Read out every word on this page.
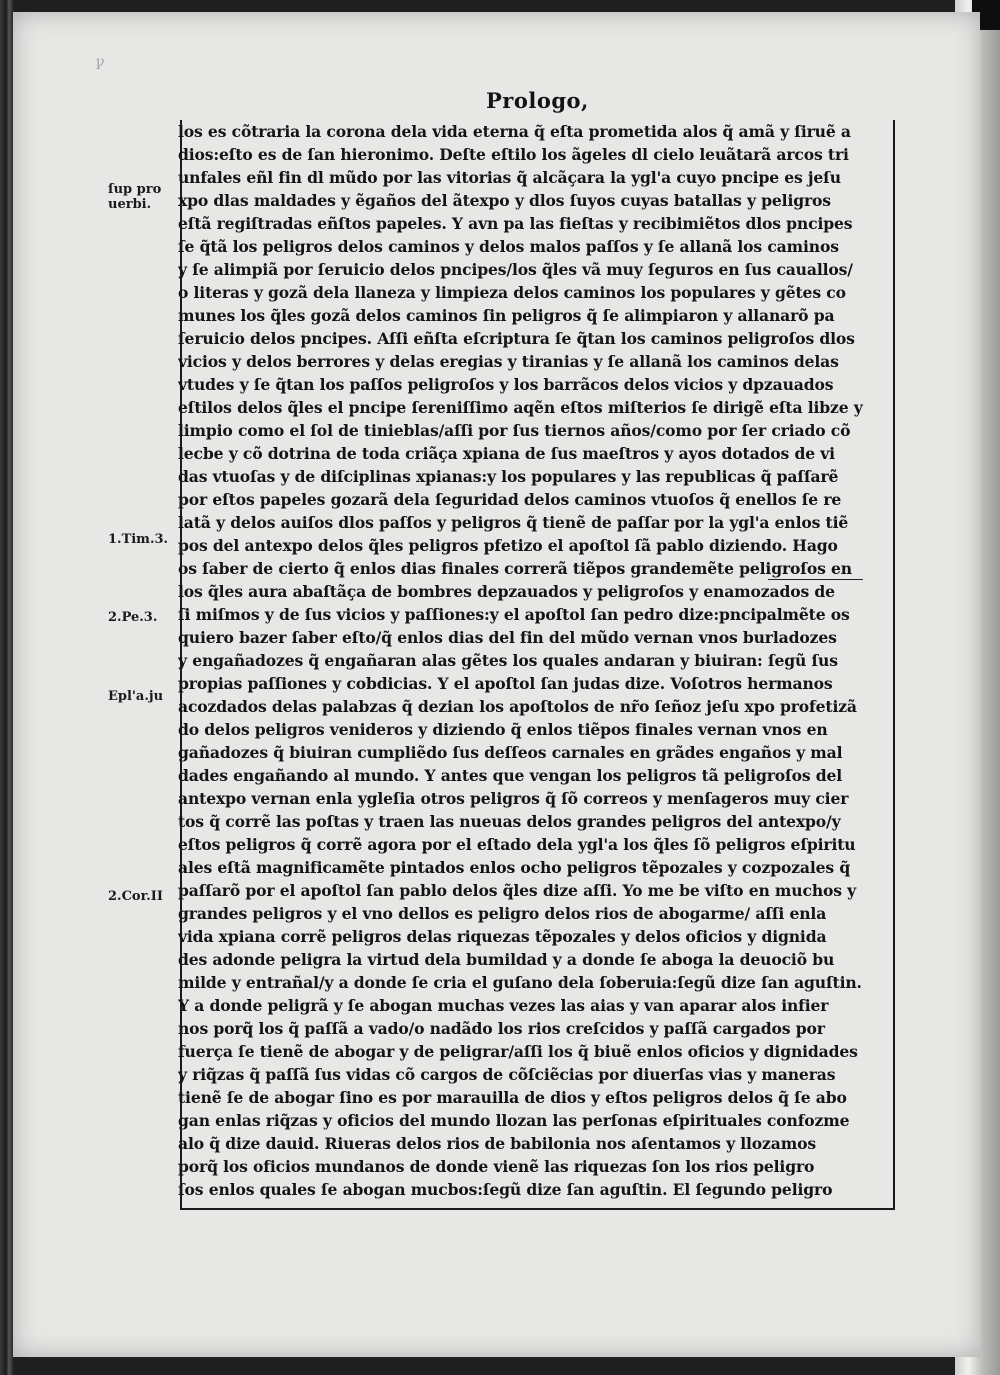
ꝩ
Prologo,
ſup pro
uerbi.
1.Tim.3.
2.Pe.3.
Epl'a.ju
2.Cor.II
los es cõtraria la corona dela vida eterna q̃ eſta prometida alos q̃ amã y ſiruẽ a
dios:eſto es de ſan hieronimo. Deſte eſtilo los ãgeles dl cielo leuãtarã arcos tri
unfales eñl fin dl mũdo por las vitorias q̃ alcãçara la ygl'a cuyo pncipe es jeſu
xpo dlas maldades y ẽgaños del ãtexpo y dlos ſuyos cuyas batallas y peligros
eſtã regiſtradas eñſtos papeles. Y avn pa las fieſtas y recibimiẽtos dlos pncipes
ſe q̃tã los peligros delos caminos y delos malos paſſos y ſe allanã los caminos
y ſe alimpiã por ſeruicio delos pncipes/los q̃les vã muy ſeguros en ſus cauallos/
o literas y gozã dela llaneza y limpieza delos caminos los populares y gẽtes co
munes los q̃les gozã delos caminos ſin peligros q̃ ſe alimpiaron y allanarõ pa
ſeruicio delos pncipes. Aſſi eñſta eſcriptura ſe q̃tan los caminos peligroſos dlos
vicios y delos berrores y delas eregias y tiranias y ſe allanã los caminos delas
vtudes y ſe q̃tan los paſſos peligroſos y los barrãcos delos vicios y dpzauados
eſtilos delos q̃les el pncipe ſereniſſimo aqẽn eſtos miſterios ſe dirigẽ eſta libze y
limpio como el ſol de tinieblas/aſſi por ſus tiernos años/como por ſer criado cõ
lecbe y cõ dotrina de toda criãça xpiana de ſus maeſtros y ayos dotados de vi
das vtuoſas y de diſciplinas xpianas:y los populares y las republicas q̃ paſſarẽ
por eſtos papeles gozarã dela ſeguridad delos caminos vtuoſos q̃ enellos ſe re
latã y delos auiſos dlos paſſos y peligros q̃ tienẽ de paſſar por la ygl'a enlos tiẽ
pos del antexpo delos q̃les peligros pfetizo el apoſtol ſã pablo diziendo. Hago
os ſaber de cierto q̃ enlos dias finales correrã tiẽpos grandemẽte peligroſos en
los q̃les aura abaſtãça de bombres depzauados y peligroſos y enamozados de
ſi miſmos y de ſus vicios y paſſiones:y el apoſtol ſan pedro dize:pncipalmẽte os
quiero bazer ſaber eſto/q̃ enlos dias del fin del mũdo vernan vnos burladozes
y engañadozes q̃ engañaran alas gẽtes los quales andaran y biuiran: ſegũ ſus
propias paſſiones y cobdicias. Y el apoſtol ſan judas dize. Voſotros hermanos
acozdados delas palabzas q̃ dezian los apoſtolos de nr̃o ſeñoz jeſu xpo profetizã
do delos peligros venideros y diziendo q̃ enlos tiẽpos finales vernan vnos en
gañadozes q̃ biuiran cumpliẽdo ſus deſſeos carnales en grãdes engaños y mal
dades engañando al mundo. Y antes que vengan los peligros tã peligroſos del
antexpo vernan enla ygleſia otros peligros q̃ ſõ correos y menſageros muy cier
tos q̃ corrẽ las poſtas y traen las nueuas delos grandes peligros del antexpo/y
eſtos peligros q̃ corrẽ agora por el eſtado dela ygl'a los q̃les ſõ peligros eſpiritu
ales eſtã magnificamẽte pintados enlos ocho peligros tẽpozales y cozpozales q̃
paſſarõ por el apoſtol ſan pablo delos q̃les dize aſſi. Yo me be viſto en muchos y
grandes peligros y el vno dellos es peligro delos rios de abogarme/ aſſi enla
vida xpiana corrẽ peligros delas riquezas tẽpozales y delos oficios y dignida
des adonde peligra la virtud dela bumildad y a donde ſe aboga la deuociõ bu
milde y entrañal/y a donde ſe cria el guſano dela ſoberuia:ſegũ dize ſan aguſtin.
Y a donde peligrã y ſe abogan muchas vezes las aias y van aparar alos infier
nos porq̃ los q̃ paſſã a vado/o nadãdo los rios creſcidos y paſſã cargados por
fuerça ſe tienẽ de abogar y de peligrar/aſſi los q̃ biuẽ enlos oficios y dignidades
y riq̃zas q̃ paſſã ſus vidas cõ cargos de cõſciẽcias por diuerſas vias y maneras
tienẽ ſe de abogar ſino es por marauilla de dios y eſtos peligros delos q̃ ſe abo
gan enlas riq̃zas y oficios del mundo llozan las perſonas eſpirituales confozme
alo q̃ dize dauid. Riueras delos rios de babilonia nos aſentamos y llozamos
porq̃ los oficios mundanos de donde vienẽ las riquezas ſon los rios peligro
ſos enlos quales ſe abogan mucbos:ſegũ dize ſan aguſtin. El ſegundo peligro
